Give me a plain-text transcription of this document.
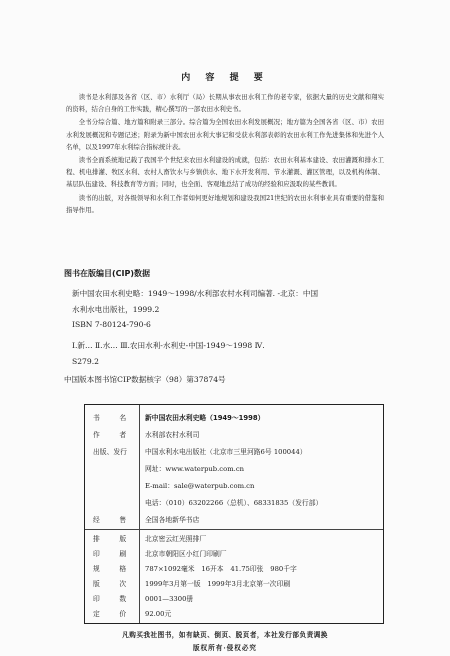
内 容 提 要

读书是水利部及各省（区、市）水利厅（局）长期从事农田水利工作的老专家，依据大量的历史文献和翔实的资料，结合自身的工作实践，精心撰写的一部农田水利史书。

全书分综合篇、地方篇和附录三部分。综合篇为全国农田水利发展概况；地方篇为全国各省（区、市）农田水利发展概况和专题记述；附录为新中国农田水利大事记和受获水利部表彰的农田水利工作先进集体和先进个人名单，以及1997年水利综合指标统计表。

读书全面系统地记载了我国半个世纪来农田水利建设的成就，包括：农田水利基本建设、农田灌溉和排水工程、机电排灌、牧区水利、农村人畜饮水与乡镇供水、地下水开发利用、节水灌溉、灌区管理，以及机构体制、基层队伍建设、科技教育等方面；同时，也全面、客观地总结了成功的经验和应汲取的某些教训。

读书的出版，对各级领导和水利工作者如何更好地规划和建设我国21世纪的农田水利事业具有重要的借鉴和指导作用。

图书在版编目(CIP)数据

新中国农田水利史略：1949～1998/水利部农村水利司编著. -北京：中国

水利水电出版社，1999.2

ISBN 7-80124-790-6

Ⅰ.新… Ⅱ.水… Ⅲ.农田水利-水利史-中国-1949～1998 Ⅳ.

S279.2

中国版本图书馆CIP数据核字（98）第37874号
书　　名	新中国农田水利史略（1949～1998）
作　　者	水利部农村水利司
出版、发行	中国水利水电出版社（北京市三里河路6号 100044）
网址：www.waterpub.com.cn
E-mail：sale@waterpub.com.cn
电话：（010）63202266（总机）、68331835（发行部）
经　　售	全国各地新华书店
排　　版	北京密云红光照排厂
印　　刷	北京市朝阳区小红门印刷厂
规　　格	787×1092毫米　16开本　41.75印张　980千字
版　　次	1999年3月第一版　1999年3月北京第一次印刷
印　　数	0001—3300册
定　　价	92.00元
凡购买我社图书，如有缺页、倒页、脱页者，本社发行部负责调换
版权所有·侵权必究
